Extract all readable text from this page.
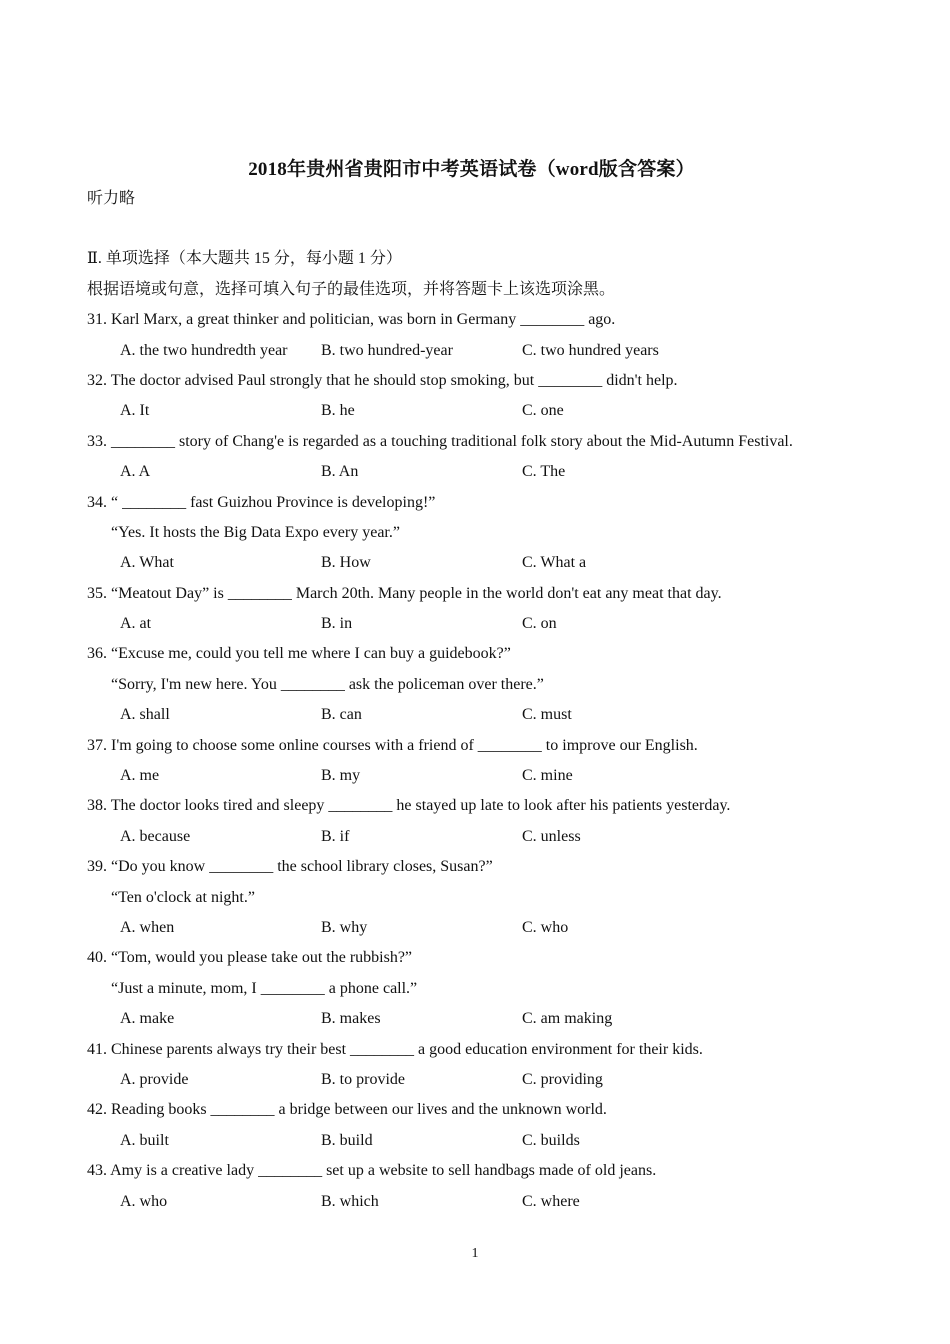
2018年贵州省贵阳市中考英语试卷（word版含答案）
听力略
Ⅱ. 单项选择（本大题共 15 分，每小题 1 分）
根据语境或句意，选择可填入句子的最佳选项，并将答题卡上该选项涂黑。
31. Karl Marx, a great thinker and politician, was born in Germany ________ ago.
A. the two hundredth year	B. two hundred-year	C. two hundred years
32. The doctor advised Paul strongly that he should stop smoking, but ________ didn't help.
A. It	B. he	C. one
33. ________ story of Chang'e is regarded as a touching traditional folk story about the Mid-Autumn Festival.
A. A	B. An	C. The
34. “ ________ fast Guizhou Province is developing!”
“Yes. It hosts the Big Data Expo every year.”
A. What	B. How	C. What a
35. “Meatout Day” is ________ March 20th. Many people in the world don't eat any meat that day.
A. at	B. in	C. on
36. “Excuse me, could you tell me where I can buy a guidebook?”
“Sorry, I'm new here. You ________ ask the policeman over there.”
A. shall	B. can	C. must
37. I'm going to choose some online courses with a friend of ________ to improve our English.
A. me	B. my	C. mine
38. The doctor looks tired and sleepy ________ he stayed up late to look after his patients yesterday.
A. because	B. if	C. unless
39. “Do you know ________ the school library closes, Susan?”
“Ten o'clock at night.”
A. when	B. why	C. who
40. “Tom, would you please take out the rubbish?”
“Just a minute, mom, I ________ a phone call.”
A. make	B. makes	C. am making
41. Chinese parents always try their best ________ a good education environment for their kids.
A. provide	B. to provide	C. providing
42. Reading books ________ a bridge between our lives and the unknown world.
A. built	B. build	C. builds
43. Amy is a creative lady ________ set up a website to sell handbags made of old jeans.
A. who	B. which	C. where
1
